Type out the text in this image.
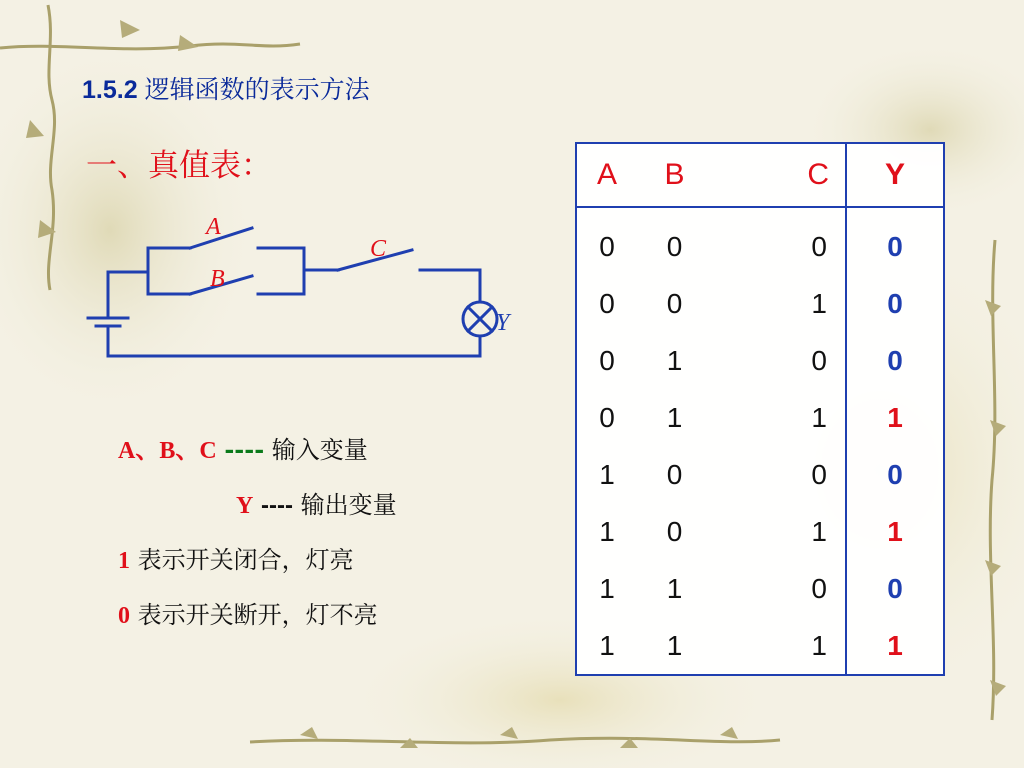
1.5.2 逻辑函数的表示方法
一、真值表：
A
B
C
Y
A、B、C ---- 输入变量
Y ---- 输出变量
1 表示开关闭合，灯亮
0 表示开关断开，灯不亮
A	B	C	Y
0	0	0	0
0	0	1	0
0	1	0	0
0	1	1	1
1	0	0	0
1	0	1	1
1	1	0	0
1	1	1	1
